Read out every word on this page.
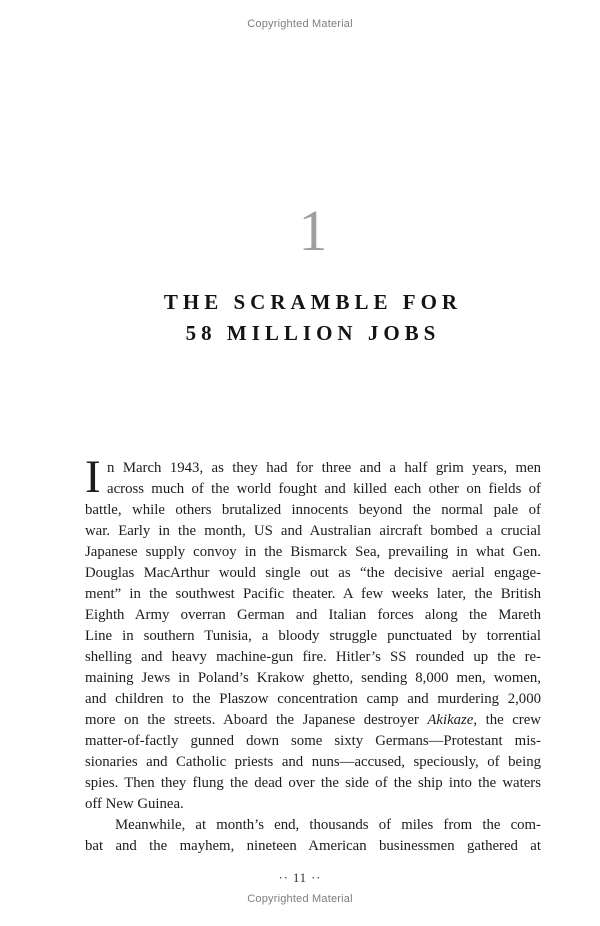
Copyrighted Material
1
THE SCRAMBLE FOR
58 MILLION JOBS
I n March 1943, as they had for three and a half grim years, men
across much of the world fought and killed each other on fields of
battle, while others brutalized innocents beyond the normal pale of
war. Early in the month, US and Australian aircraft bombed a crucial
Japanese supply convoy in the Bismarck Sea, prevailing in what Gen.
Douglas MacArthur would single out as “the decisive aerial engage-
ment” in the southwest Pacific theater. A few weeks later, the British
Eighth Army overran German and Italian forces along the Mareth
Line in southern Tunisia, a bloody struggle punctuated by torrential
shelling and heavy machine-gun fire. Hitler’s SS rounded up the re-
maining Jews in Poland’s Krakow ghetto, sending 8,000 men, women,
and children to the Plaszow concentration camp and murdering 2,000
more on the streets. Aboard the Japanese destroyer Akikaze, the crew
matter-of-factly gunned down some sixty Germans—Protestant mis-
sionaries and Catholic priests and nuns—accused, speciously, of being
spies. Then they flung the dead over the side of the ship into the waters
off New Guinea.
Meanwhile, at month’s end, thousands of miles from the com-
bat and the mayhem, nineteen American businessmen gathered at
·· 11 ··
Copyrighted Material
